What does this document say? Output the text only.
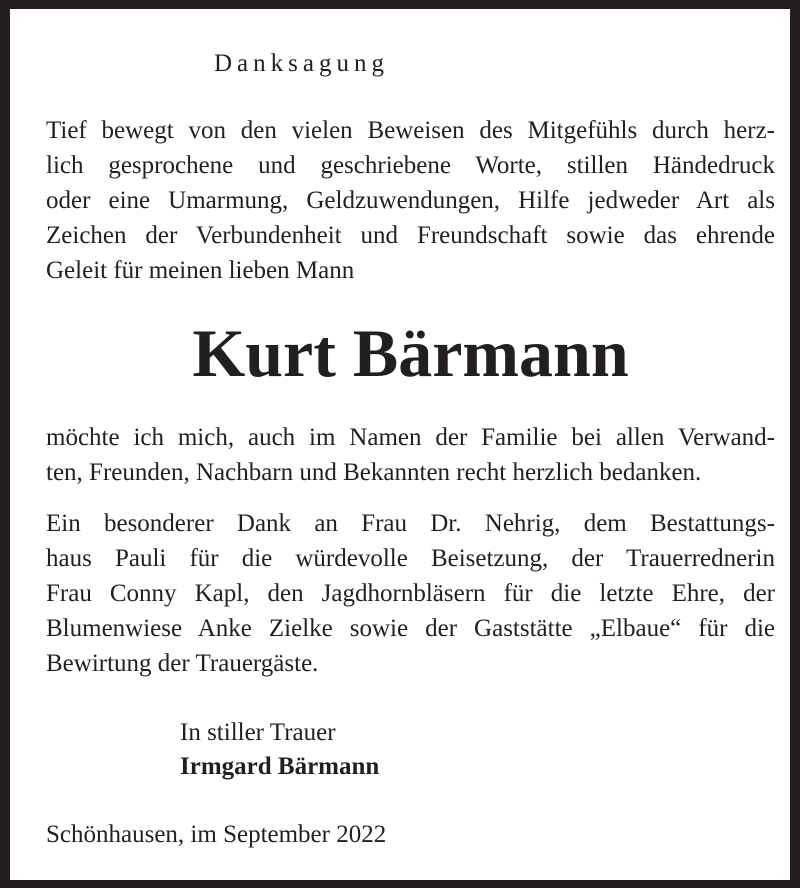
Danksagung

Tief bewegt von den vielen Beweisen des Mitgefühls durch herz-
lich gesprochene und geschriebene Worte, stillen Händedruck
oder eine Umarmung, Geldzuwendungen, Hilfe jedweder Art als
Zeichen der Verbundenheit und Freundschaft sowie das ehrende
Geleit für meinen lieben Mann

Kurt Bärmann

möchte ich mich, auch im Namen der Familie bei allen Verwand-
ten, Freunden, Nachbarn und Bekannten recht herzlich bedanken.

Ein besonderer Dank an Frau Dr. Nehrig, dem Bestattungs-
haus Pauli für die würdevolle Beisetzung, der Trauerrednerin
Frau Conny Kapl, den Jagdhornbläsern für die letzte Ehre, der
Blumenwiese Anke Zielke sowie der Gaststätte „Elbaue“ für die
Bewirtung der Trauergäste.

In stiller Trauer

Irmgard Bärmann

Schönhausen, im September 2022
